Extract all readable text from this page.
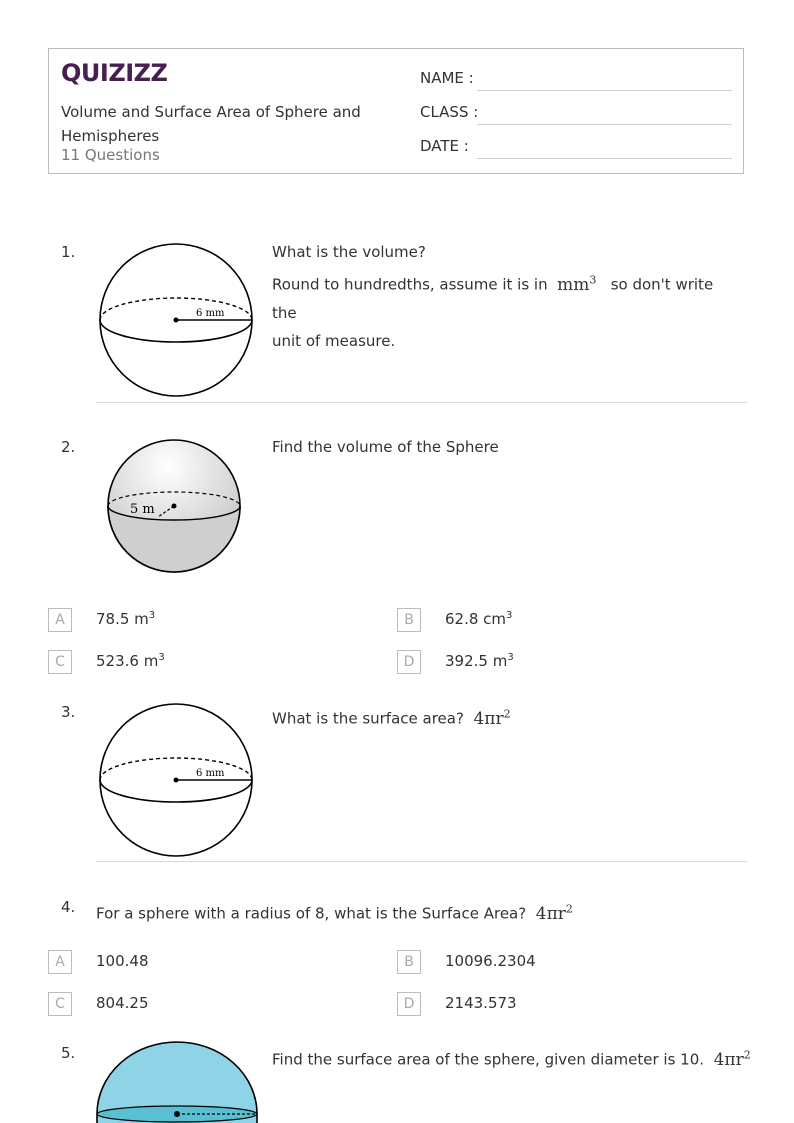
QUIZIZZ
Volume and Surface Area of Sphere and Hemispheres
11 Questions
NAME :
CLASS :
DATE :
1.
6 mm
What is the volume?
Round to hundredths, assume it is in $mm^3$ so don't write the
unit of measure.
2.
5 m
Find the volume of the Sphere
A	78.5 $m^3$	B	62.8 $cm^3$
C	523.6 $m^3$	D	392.5 $m^3$
3.
6 mm
What is the surface area? $4\pi r^2$
4. For a sphere with a radius of 8, what is the Surface Area? $4\pi r^2$
A	100.48	B	10096.2304
C	804.25	D	2143.573
5.	Find the surface area of the sphere, given diameter is 10. $4\pi r^2$
